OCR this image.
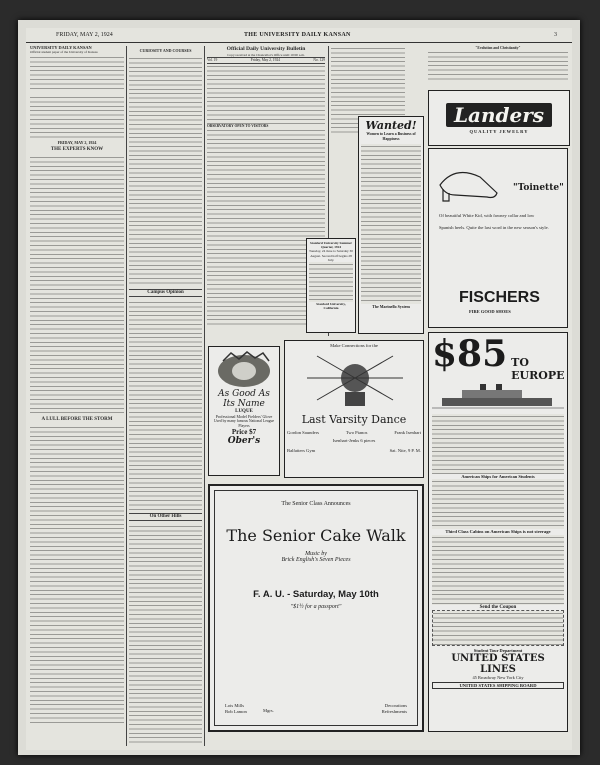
FRIDAY, MAY 2, 1924	THE UNIVERSITY DAILY KANSAN	3
UNIVERSITY DAILY KANSAN
Official student paper of the University of Kansas
FRIDAY, MAY 2, 1924
THE EXPERTS KNOW
A LULL BEFORE THE STORM
CURIOSITY AND COURSES
Campus Opinion
On Other Hills
Official Daily University Bulletin
Copy received at the Chancellor's Office until 10:00 a.m.
Vol. 19	Friday, May 2, 1924	No. 129
OBSERVATORY OPEN TO VISITORS
Stanford University Summer Quarter, 1924
Tuesday, 24 June to Saturday 30 August. Second half begins 28 July.
Stanford University, California
Wanted!
Women to Learn a Business of Happiness
The Marinello System
"Evolution and Christianity"
Landers
QUALITY JEWELRY
"Toinette"
Of beautiful White Kid, with fawney collar and low
Spanish heels. Quite the last word in the new season's style.
FISCHERS
FIRE GOOD SHOES
$85 TO EUROPE
American Ships for American Students
Third Class Cabins on American Ships is not steerage
Send the Coupon
Student Tour Department
UNITED STATES LINES
45 Broadway New York City
UNITED STATES SHIPPING BOARD
As Good As Its Name
LUQUE
Professional Model Fielders' Glove
Used by many famous National League Players
Price $7
Ober's
Make Connections for the
Last Varsity Dance
Gordon Saunders	Two Pianos	Frank Isenhart
Isenhart-Jenks 6 pieces
Balfatters Gym	Sat. Nite, 9 P. M.
The Senior Class Announces
The Senior Cake Walk
Music by
Brick English's Seven Pieces
F. A. U. - Saturday, May 10th
"$1½ for a passport"
Lois Mills
Bob Lamon	Mgrs.
Decorations
Refreshments
